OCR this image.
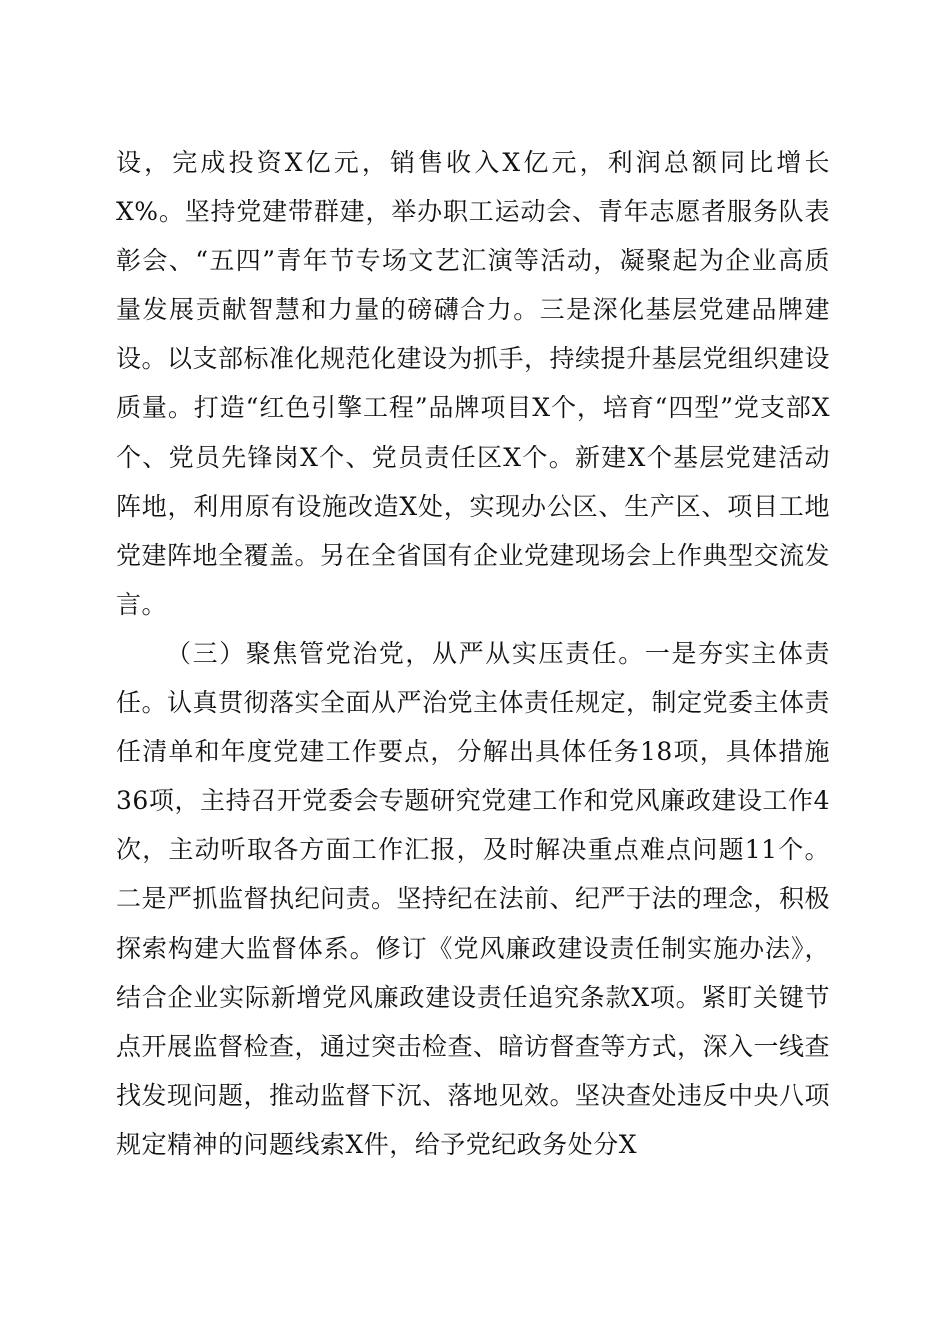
设，完成投资X亿元，销售收入X亿元，利润总额同比增长X%。坚持党建带群建，举办职工运动会、青年志愿者服务队表彰会、“五四”青年节专场文艺汇演等活动，凝聚起为企业高质量发展贡献智慧和力量的磅礴合力。三是深化基层党建品牌建设。以支部标准化规范化建设为抓手，持续提升基层党组织建设质量。打造“红色引擎工程”品牌项目X个，培育“四型”党支部X个、党员先锋岗X个、党员责任区X个。新建X个基层党建活动阵地，利用原有设施改造X处，实现办公区、生产区、项目工地党建阵地全覆盖。另在全省国有企业党建现场会上作典型交流发言。

（三）聚焦管党治党，从严从实压责任。一是夯实主体责任。认真贯彻落实全面从严治党主体责任规定，制定党委主体责任清单和年度党建工作要点，分解出具体任务18项，具体措施36项，主持召开党委会专题研究党建工作和党风廉政建设工作4次，主动听取各方面工作汇报，及时解决重点难点问题11个。二是严抓监督执纪问责。坚持纪在法前、纪严于法的理念，积极探索构建大监督体系。修订《党风廉政建设责任制实施办法》，结合企业实际新增党风廉政建设责任追究条款X项。紧盯关键节点开展监督检查，通过突击检查、暗访督查等方式，深入一线查找发现问题，推动监督下沉、落地见效。坚决查处违反中央八项规定精神的问题线索X件，给予党纪政务处分X
